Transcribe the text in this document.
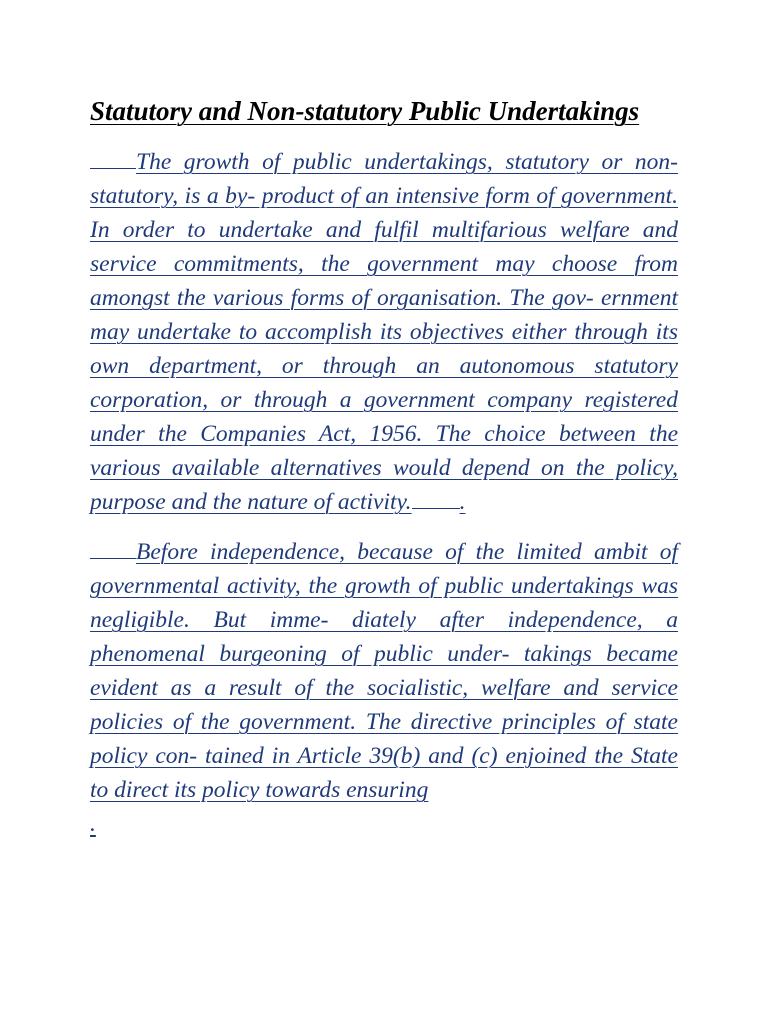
Statutory and Non-statutory Public Undertakings

The growth of public undertakings, statutory or non-statutory, is a by- product of an intensive form of government. In order to undertake and fulfil multifarious welfare and service commitments, the government may choose from amongst the various forms of organisation. The gov- ernment may undertake to accomplish its objectives either through its own department, or through an autonomous statutory corporation, or through a government company registered under the Companies Act, 1956. The choice between the various available alternatives would depend on the policy, purpose and the nature of activity. .

Before independence, because of the limited ambit of governmental activity, the growth of public undertakings was negligible. But imme- diately after independence, a phenomenal burgeoning of public under- takings became evident as a result of the socialistic, welfare and service policies of the government. The directive principles of state policy con- tained in Article 39(b) and (c) enjoined the State to direct its policy towards ensuring

.
